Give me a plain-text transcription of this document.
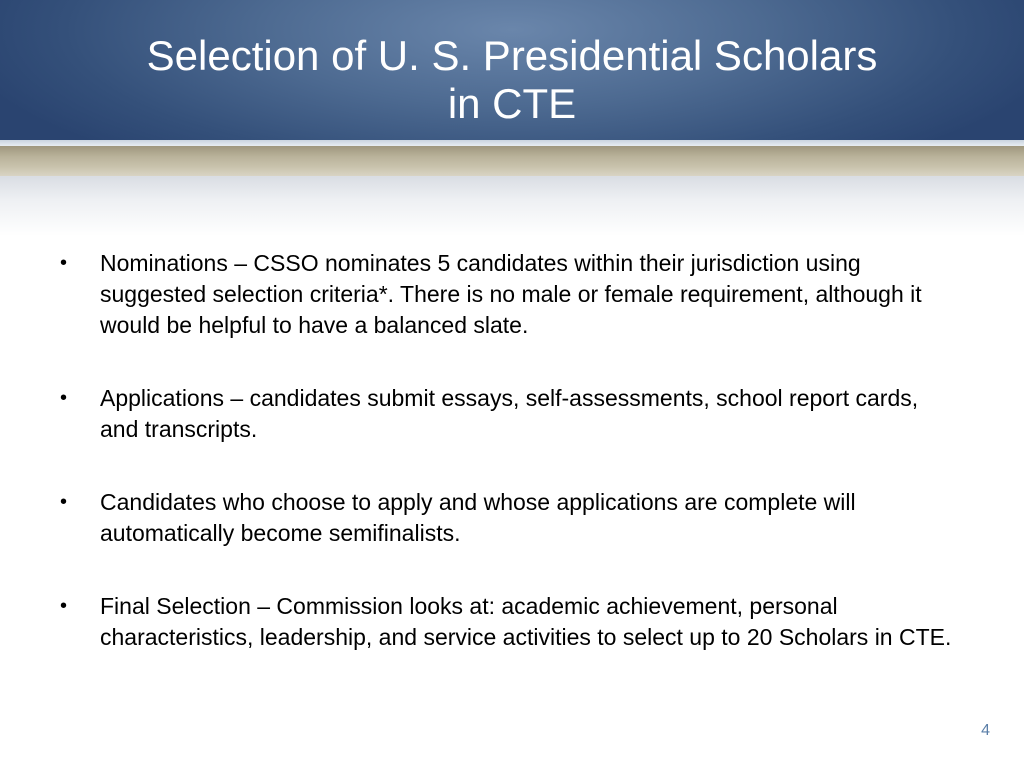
Selection of U. S. Presidential Scholars
in CTE
•	Nominations – CSSO nominates 5 candidates within their jurisdiction using suggested selection criteria*. There is no male or female requirement, although it would be helpful to have a balanced slate.
•	Applications – candidates submit essays, self-assessments, school report cards, and transcripts.
•	Candidates who choose to apply and whose applications are complete will automatically become semifinalists.
•	Final Selection – Commission looks at: academic achievement, personal characteristics, leadership, and service activities to select up to 20 Scholars in CTE.
4
